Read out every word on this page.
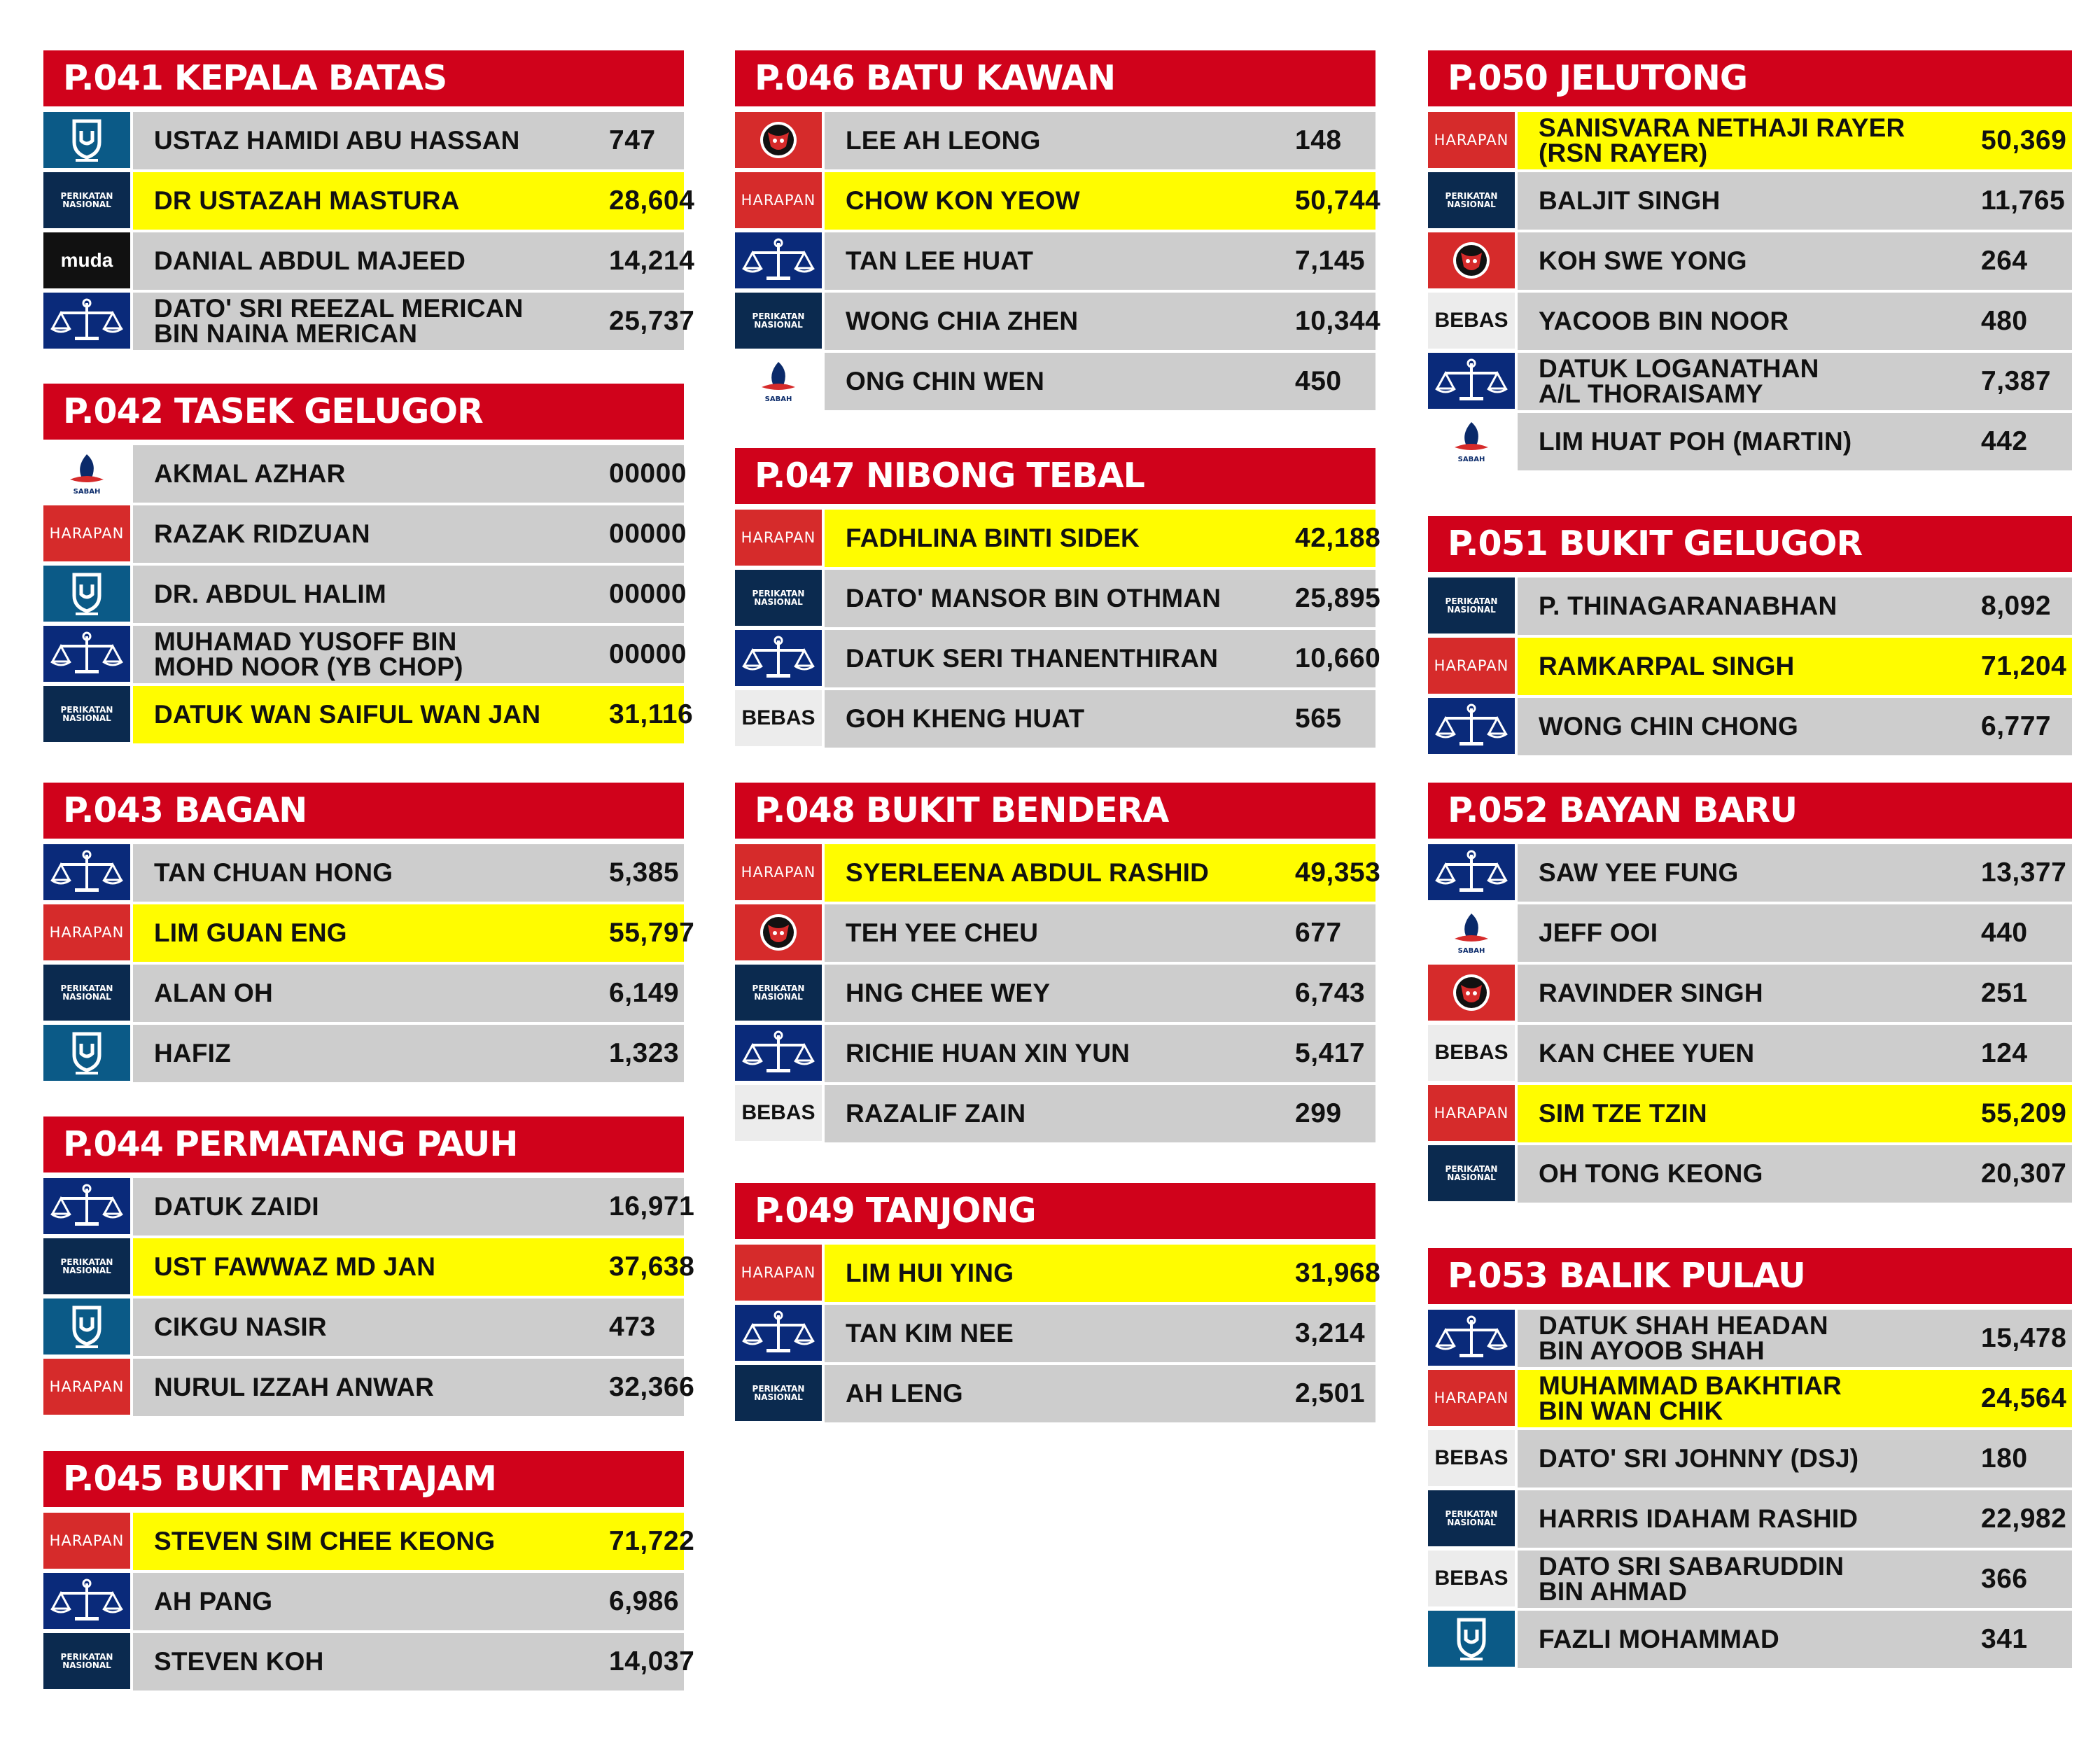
P.041 KEPALA BATAS
USTAZ HAMIDI ABU HASSAN	747
PERIKATAN
NASIONAL DR USTAZAH MASTURA	28,604
muda DANIAL ABDUL MAJEED	14,214
DATO' SRI REEZAL MERICAN
BIN NAINA MERICAN	25,737
P.042 TASEK GELUGOR
SABAH
AKMAL AZHAR	00000
HARAPAN RAZAK RIDZUAN	00000
DR. ABDUL HALIM	00000
MUHAMAD YUSOFF BIN
MOHD NOOR (YB CHOP)	00000
PERIKATAN
NASIONAL DATUK WAN SAIFUL WAN JAN	31,116
P.043 BAGAN
TAN CHUAN HONG	5,385
HARAPAN LIM GUAN ENG	55,797
PERIKATAN
NASIONAL ALAN OH	6,149
HAFIZ	1,323
P.044 PERMATANG PAUH
DATUK ZAIDI	16,971
PERIKATAN
NASIONAL UST FAWWAZ MD JAN	37,638
CIKGU NASIR	473
HARAPAN NURUL IZZAH ANWAR	32,366
P.045 BUKIT MERTAJAM
HARAPAN STEVEN SIM CHEE KEONG	71,722
AH PANG	6,986
PERIKATAN
NASIONAL STEVEN KOH	14,037
P.046 BATU KAWAN
LEE AH LEONG	148
HARAPAN CHOW KON YEOW	50,744
TAN LEE HUAT	7,145
PERIKATAN
NASIONAL WONG CHIA ZHEN	10,344
SABAH
ONG CHIN WEN	450
P.047 NIBONG TEBAL
HARAPAN FADHLINA BINTI SIDEK	42,188
PERIKATAN
NASIONAL DATO' MANSOR BIN OTHMAN	25,895
DATUK SERI THANENTHIRAN	10,660
BEBAS GOH KHENG HUAT	565
P.048 BUKIT BENDERA
HARAPAN SYERLEENA ABDUL RASHID	49,353
TEH YEE CHEU	677
PERIKATAN
NASIONAL HNG CHEE WEY	6,743
RICHIE HUAN XIN YUN	5,417
BEBAS RAZALIF ZAIN	299
P.049 TANJONG
HARAPAN LIM HUI YING	31,968
TAN KIM NEE	3,214
PERIKATAN
NASIONAL AH LENG	2,501
P.050 JELUTONG
HARAPAN SANISVARA NETHAJI RAYER
(RSN RAYER)	50,369
PERIKATAN
NASIONAL BALJIT SINGH	11,765
KOH SWE YONG	264
BEBAS YACOOB BIN NOOR	480
DATUK LOGANATHAN
A/L THORAISAMY	7,387
SABAH
LIM HUAT POH (MARTIN)	442
P.051 BUKIT GELUGOR
PERIKATAN
NASIONAL P. THINAGARANABHAN	8,092
HARAPAN RAMKARPAL SINGH	71,204
WONG CHIN CHONG	6,777
P.052 BAYAN BARU
SAW YEE FUNG	13,377
SABAH
JEFF OOI	440
RAVINDER SINGH	251
BEBAS KAN CHEE YUEN	124
HARAPAN SIM TZE TZIN	55,209
PERIKATAN
NASIONAL OH TONG KEONG	20,307
P.053 BALIK PULAU
DATUK SHAH HEADAN
BIN AYOOB SHAH	15,478
HARAPAN MUHAMMAD BAKHTIAR
BIN WAN CHIK	24,564
BEBAS DATO' SRI JOHNNY (DSJ)	180
PERIKATAN
NASIONAL HARRIS IDAHAM RASHID	22,982
BEBAS DATO SRI SABARUDDIN
BIN AHMAD	366
FAZLI MOHAMMAD	341
